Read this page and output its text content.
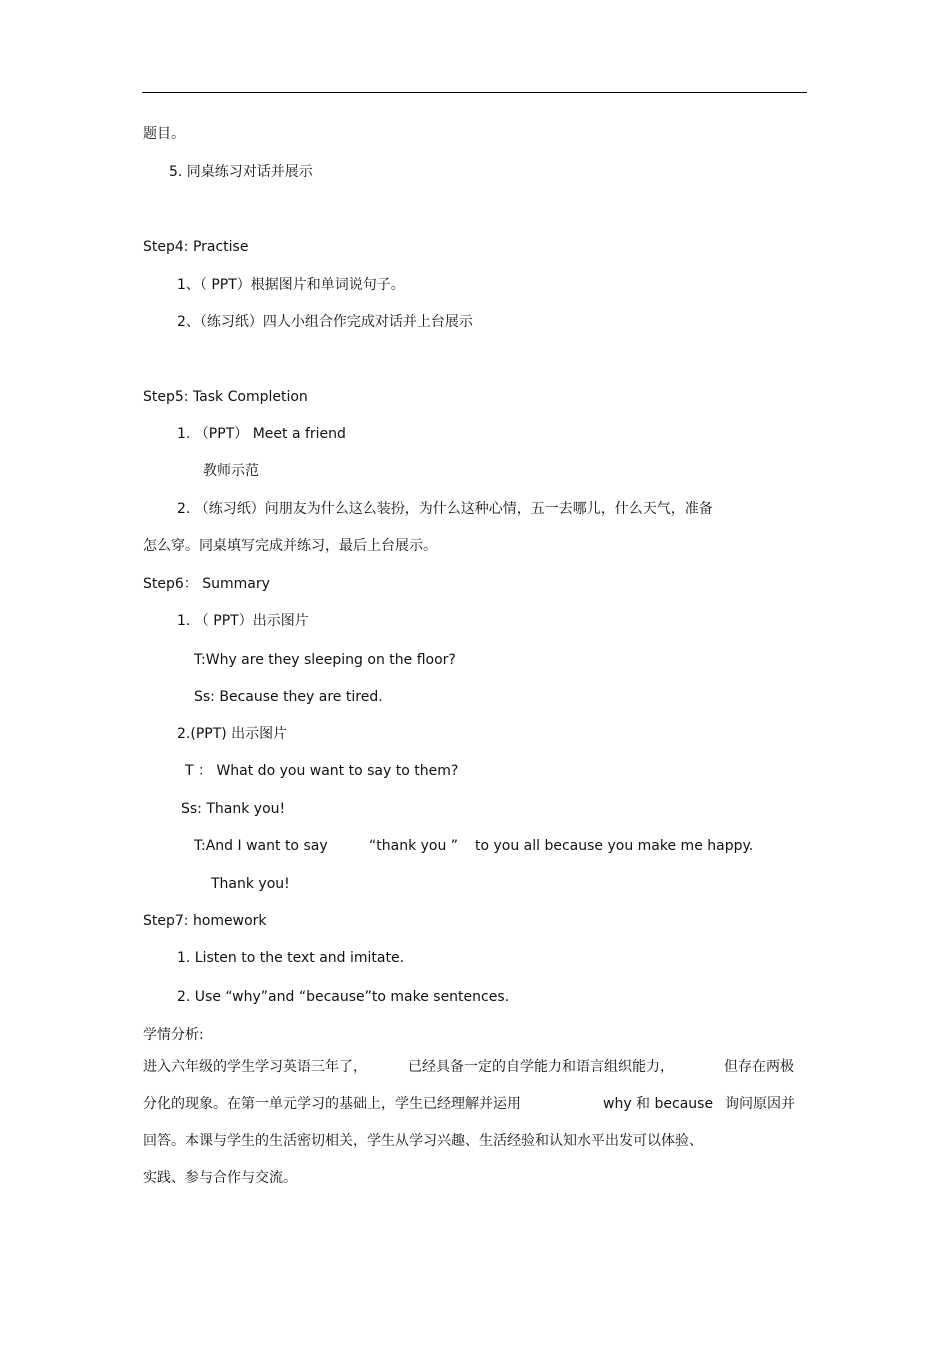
题目。
5. 同桌练习对话并展示
Step4: Practise
1、（ PPT）根据图片和单词说句子。
2、（练习纸）四人小组合作完成对话并上台展示
Step5: Task Completion
1. （PPT） Meet a friend
教师示范
2. （练习纸）问朋友为什么这么装扮，为什么这种心情，五一去哪儿，什么天气，准备
怎么穿。同桌填写完成并练习，最后上台展示。
Step6： Summary
1. （ PPT）出示图片
T:Why are they sleeping on the floor?
Ss: Because they are tired.
2.(PPT) 出示图片
T ： What do you want to say to them?
Ss: Thank you!
T:And I want to say	“thank you ” to you all because you make me happy.
Thank you!
Step7: homework
1. Listen to the text and imitate.
2. Use “why”and “because”to make sentences.
学情分析:
进入六年级的学生学习英语三年了，	已经具备一定的自学能力和语言组织能力，	但存在两极
分化的现象。在第一单元学习的基础上，学生已经理解并运用	why 和 because 询问原因并
回答。本课与学生的生活密切相关，学生从学习兴趣、生活经验和认知水平出发可以体验、
实践、参与合作与交流。
